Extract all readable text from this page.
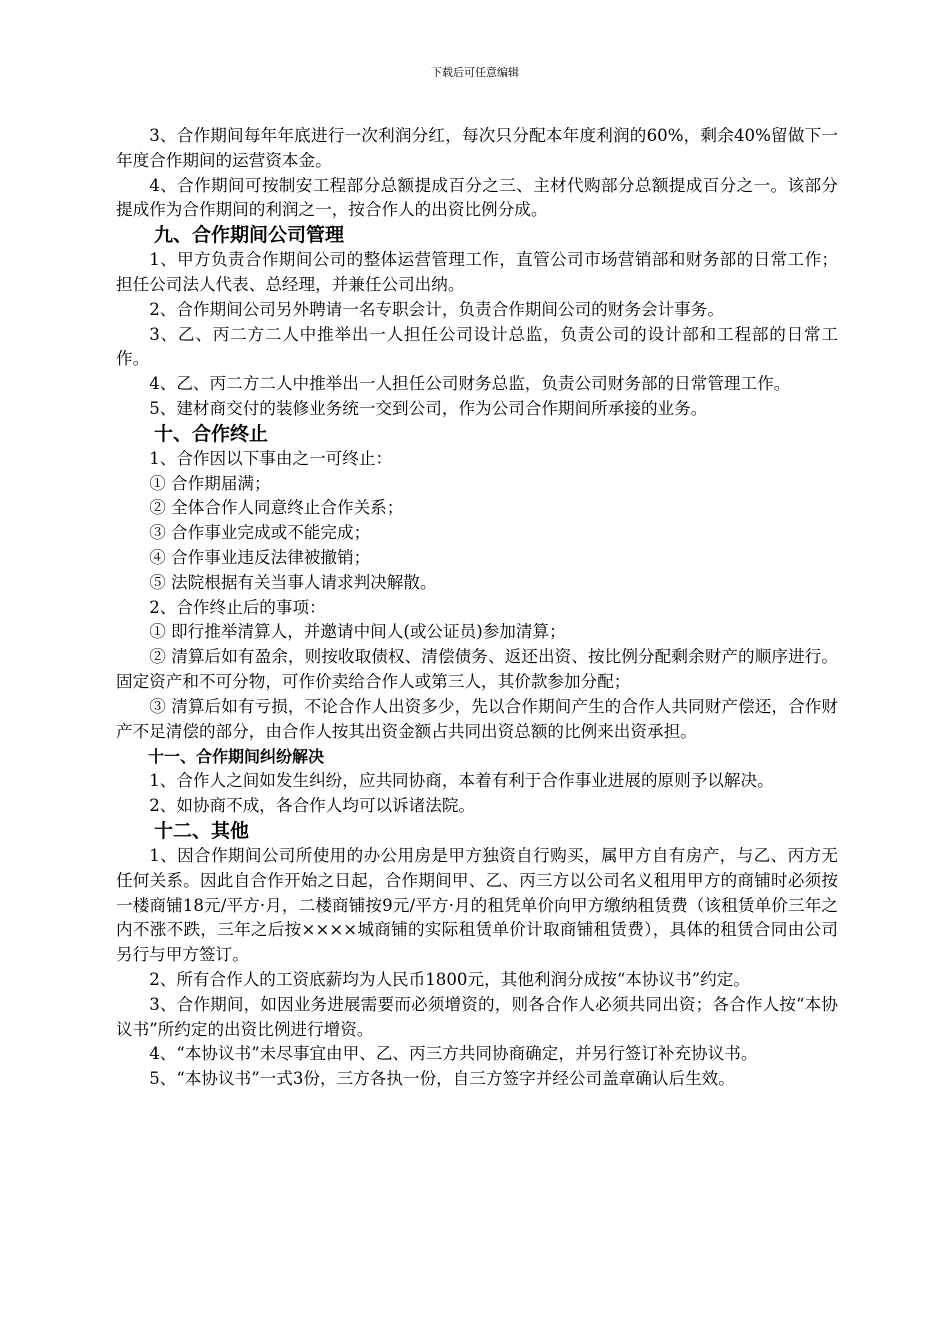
下载后可任意编辑

3、合作期间每年年底进行一次利润分红，每次只分配本年度利润的60%，剩余40%留做下一年度合作期间的运营资本金。

4、合作期间可按制安工程部分总额提成百分之三、主材代购部分总额提成百分之一。该部分提成作为合作期间的利润之一，按合作人的出资比例分成。

九、合作期间公司管理

1、甲方负责合作期间公司的整体运营管理工作，直管公司市场营销部和财务部的日常工作；担任公司法人代表、总经理，并兼任公司出纳。

2、合作期间公司另外聘请一名专职会计，负责合作期间公司的财务会计事务。

3、乙、丙二方二人中推举出一人担任公司设计总监，负责公司的设计部和工程部的日常工作。

4、乙、丙二方二人中推举出一人担任公司财务总监，负责公司财务部的日常管理工作。

5、建材商交付的装修业务统一交到公司，作为公司合作期间所承接的业务。

十、合作终止

1、合作因以下事由之一可终止：

① 合作期届满；

② 全体合作人同意终止合作关系；

③ 合作事业完成或不能完成；

④ 合作事业违反法律被撤销；

⑤ 法院根据有关当事人请求判决解散。

2、合作终止后的事项：

① 即行推举清算人，并邀请中间人(或公证员)参加清算；

② 清算后如有盈余，则按收取债权、清偿债务、返还出资、按比例分配剩余财产的顺序进行。固定资产和不可分物，可作价卖给合作人或第三人，其价款参加分配；

③ 清算后如有亏损，不论合作人出资多少，先以合作期间产生的合作人共同财产偿还，合作财产不足清偿的部分，由合作人按其出资金额占共同出资总额的比例来出资承担。

十一、合作期间纠纷解决

1、合作人之间如发生纠纷，应共同协商，本着有利于合作事业进展的原则予以解决。

2、如协商不成，各合作人均可以诉诸法院。

十二、其他

1、因合作期间公司所使用的办公用房是甲方独资自行购买，属甲方自有房产，与乙、丙方无任何关系。因此自合作开始之日起，合作期间甲、乙、丙三方以公司名义租用甲方的商铺时必须按一楼商铺18元/平方·月，二楼商铺按9元/平方·月的租凭单价向甲方缴纳租赁费（该租赁单价三年之内不涨不跌，三年之后按××××城商铺的实际租赁单价计取商铺租赁费），具体的租赁合同由公司另行与甲方签订。

2、所有合作人的工资底薪均为人民币1800元，其他利润分成按“本协议书”约定。

3、合作期间，如因业务进展需要而必须增资的，则各合作人必须共同出资；各合作人按“本协议书”所约定的出资比例进行增资。

4、“本协议书”未尽事宜由甲、乙、丙三方共同协商确定，并另行签订补充协议书。

5、“本协议书”一式3份，三方各执一份，自三方签字并经公司盖章确认后生效。
